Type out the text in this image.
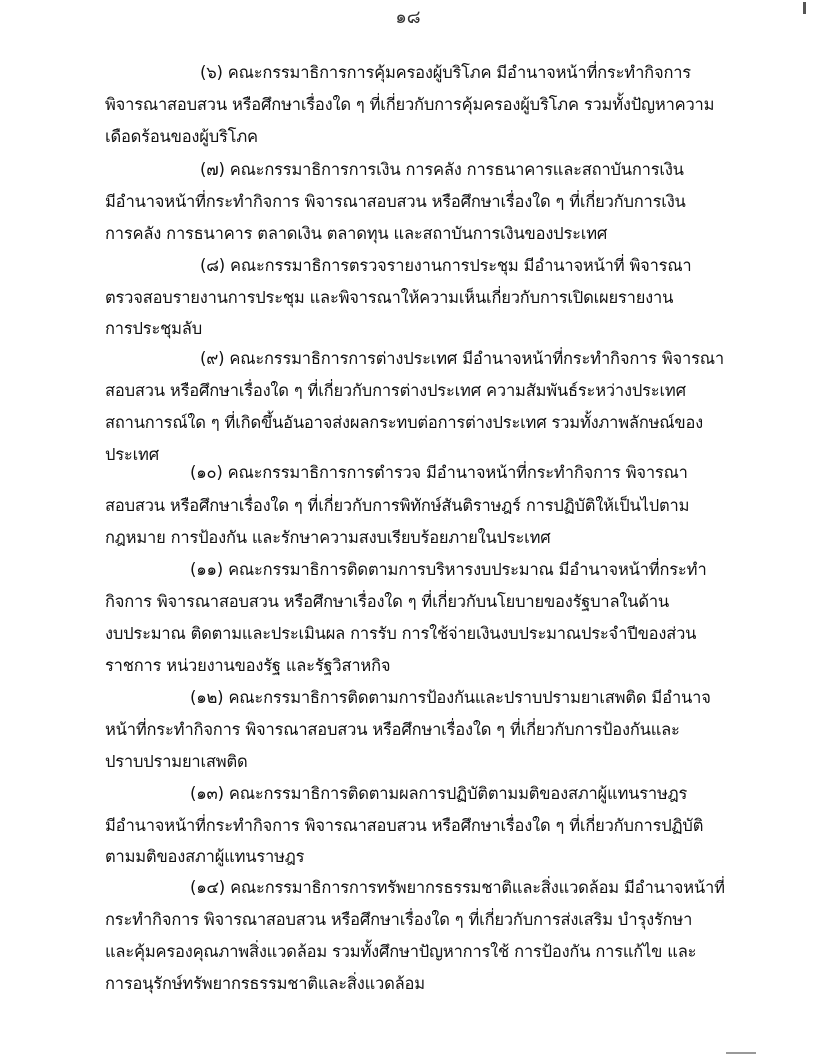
๑๘
(๖) คณะกรรมาธิการการคุ้มครองผู้บริโภค มีอำนาจหน้าที่กระทำกิจการ
พิจารณาสอบสวน หรือศึกษาเรื่องใด ๆ ที่เกี่ยวกับการคุ้มครองผู้บริโภค รวมทั้งปัญหาความ
เดือดร้อนของผู้บริโภค
(๗) คณะกรรมาธิการการเงิน การคลัง การธนาคารและสถาบันการเงิน
มีอำนาจหน้าที่กระทำกิจการ พิจารณาสอบสวน หรือศึกษาเรื่องใด ๆ ที่เกี่ยวกับการเงิน
การคลัง การธนาคาร ตลาดเงิน ตลาดทุน และสถาบันการเงินของประเทศ
(๘) คณะกรรมาธิการตรวจรายงานการประชุม มีอำนาจหน้าที่ พิจารณา
ตรวจสอบรายงานการประชุม และพิจารณาให้ความเห็นเกี่ยวกับการเปิดเผยรายงาน
การประชุมลับ
(๙) คณะกรรมาธิการการต่างประเทศ มีอำนาจหน้าที่กระทำกิจการ พิจารณา
สอบสวน หรือศึกษาเรื่องใด ๆ ที่เกี่ยวกับการต่างประเทศ ความสัมพันธ์ระหว่างประเทศ
สถานการณ์ใด ๆ ที่เกิดขึ้นอันอาจส่งผลกระทบต่อการต่างประเทศ รวมทั้งภาพลักษณ์ของ
ประเทศ
(๑๐) คณะกรรมาธิการการตำรวจ มีอำนาจหน้าที่กระทำกิจการ พิจารณา
สอบสวน หรือศึกษาเรื่องใด ๆ ที่เกี่ยวกับการพิทักษ์สันติราษฎร์ การปฏิบัติให้เป็นไปตาม
กฎหมาย การป้องกัน และรักษาความสงบเรียบร้อยภายในประเทศ
(๑๑) คณะกรรมาธิการติดตามการบริหารงบประมาณ มีอำนาจหน้าที่กระทำ
กิจการ พิจารณาสอบสวน หรือศึกษาเรื่องใด ๆ ที่เกี่ยวกับนโยบายของรัฐบาลในด้าน
งบประมาณ ติดตามและประเมินผล การรับ การใช้จ่ายเงินงบประมาณประจำปีของส่วน
ราชการ หน่วยงานของรัฐ และรัฐวิสาหกิจ
(๑๒) คณะกรรมาธิการติดตามการป้องกันและปราบปรามยาเสพติด มีอำนาจ
หน้าที่กระทำกิจการ พิจารณาสอบสวน หรือศึกษาเรื่องใด ๆ ที่เกี่ยวกับการป้องกันและ
ปราบปรามยาเสพติด
(๑๓) คณะกรรมาธิการติดตามผลการปฏิบัติตามมติของสภาผู้แทนราษฎร
มีอำนาจหน้าที่กระทำกิจการ พิจารณาสอบสวน หรือศึกษาเรื่องใด ๆ ที่เกี่ยวกับการปฏิบัติ
ตามมติของสภาผู้แทนราษฎร
(๑๔) คณะกรรมาธิการการทรัพยากรธรรมชาติและสิ่งแวดล้อม มีอำนาจหน้าที่
กระทำกิจการ พิจารณาสอบสวน หรือศึกษาเรื่องใด ๆ ที่เกี่ยวกับการส่งเสริม บำรุงรักษา
และคุ้มครองคุณภาพสิ่งแวดล้อม รวมทั้งศึกษาปัญหาการใช้ การป้องกัน การแก้ไข และ
การอนุรักษ์ทรัพยากรธรรมชาติและสิ่งแวดล้อม
